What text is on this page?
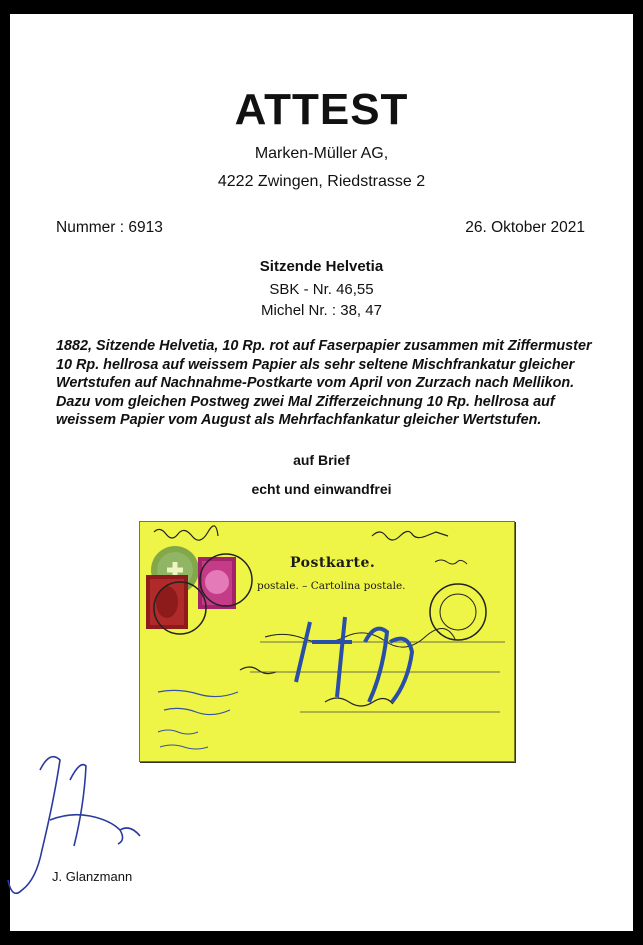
ATTEST
Marken-Müller AG,
4222 Zwingen, Riedstrasse 2
Nummer : 6913	26. Oktober 2021
Sitzende Helvetia
SBK - Nr. 46,55
Michel Nr. : 38, 47
1882, Sitzende Helvetia, 10 Rp. rot auf Faserpapier zusammen mit Ziffermuster 10 Rp. hellrosa auf weissem Papier als sehr seltene Mischfrankatur gleicher Wertstufen auf Nachnahme-Postkarte vom April von Zurzach nach Mellikon. Dazu vom gleichen Postweg zwei Mal Zifferzeichnung 10 Rp. hellrosa auf weissem Papier vom August als Mehrfachfankatur gleicher Wertstufen.
auf Brief
echt und einwandfrei
Postkarte.
postale. – Cartolina postale.
J. Glanzmann
